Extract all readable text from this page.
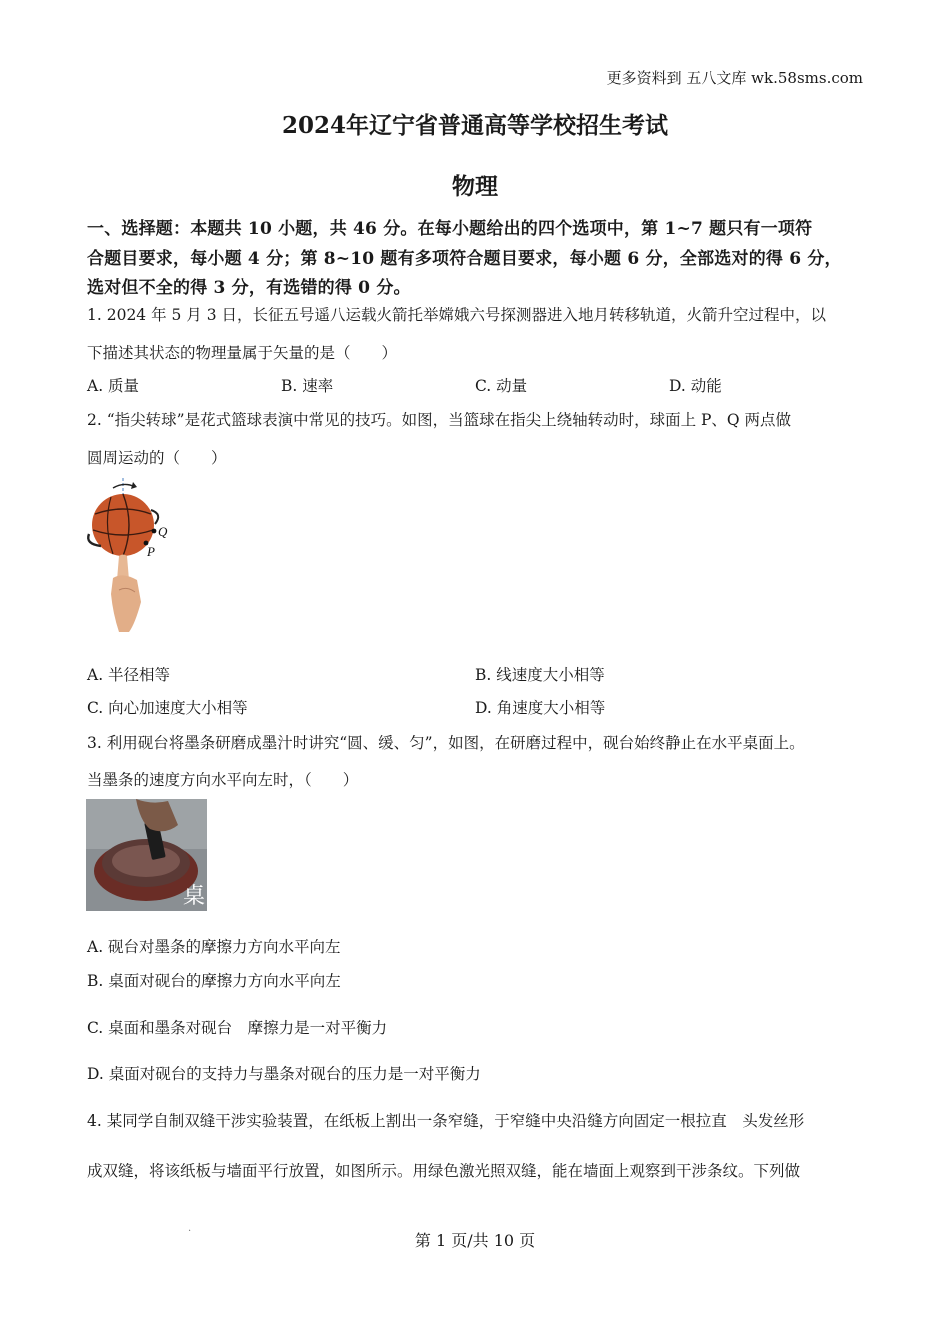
更多资料到 五八文库 wk.58sms.com
2024年辽宁省普通高等学校招生考试
物理
一、选择题：本题共 10 小题，共 46 分。在每小题给出的四个选项中，第 1~7 题只有一项符
合题目要求，每小题 4 分；第 8~10 题有多项符合题目要求，每小题 6 分，全部选对的得 6 分，
选对但不全的得 3 分，有选错的得 0 分。
1. 2024 年 5 月 3 日，长征五号遥八运载火箭托举嫦娥六号探测器进入地月转移轨道，火箭升空过程中，以
下描述其状态的物理量属于矢量的是（　　）
A. 质量	B. 速率	C. 动量	D. 动能
2. “指尖转球”是花式篮球表演中常见的技巧。如图，当篮球在指尖上绕轴转动时，球面上 P、Q 两点做
圆周运动的（　　）
Q
P
A. 半径相等	B. 线速度大小相等
C. 向心加速度大小相等	D. 角速度大小相等
3. 利用砚台将墨条研磨成墨汁时讲究“圆、缓、匀”，如图，在研磨过程中，砚台始终静止在水平桌面上。
当墨条的速度方向水平向左时，（　　）
桌
A. 砚台对墨条的摩擦力方向水平向左
B. 桌面对砚台的摩擦力方向水平向左
C. 桌面和墨条对砚台　摩擦力是一对平衡力
D. 桌面对砚台的支持力与墨条对砚台的压力是一对平衡力
4. 某同学自制双缝干涉实验装置，在纸板上割出一条窄缝，于窄缝中央沿缝方向固定一根拉直　头发丝形
成双缝，将该纸板与墙面平行放置，如图所示。用绿色激光照双缝，能在墙面上观察到干涉条纹。下列做
.
第 1 页/共 10 页
